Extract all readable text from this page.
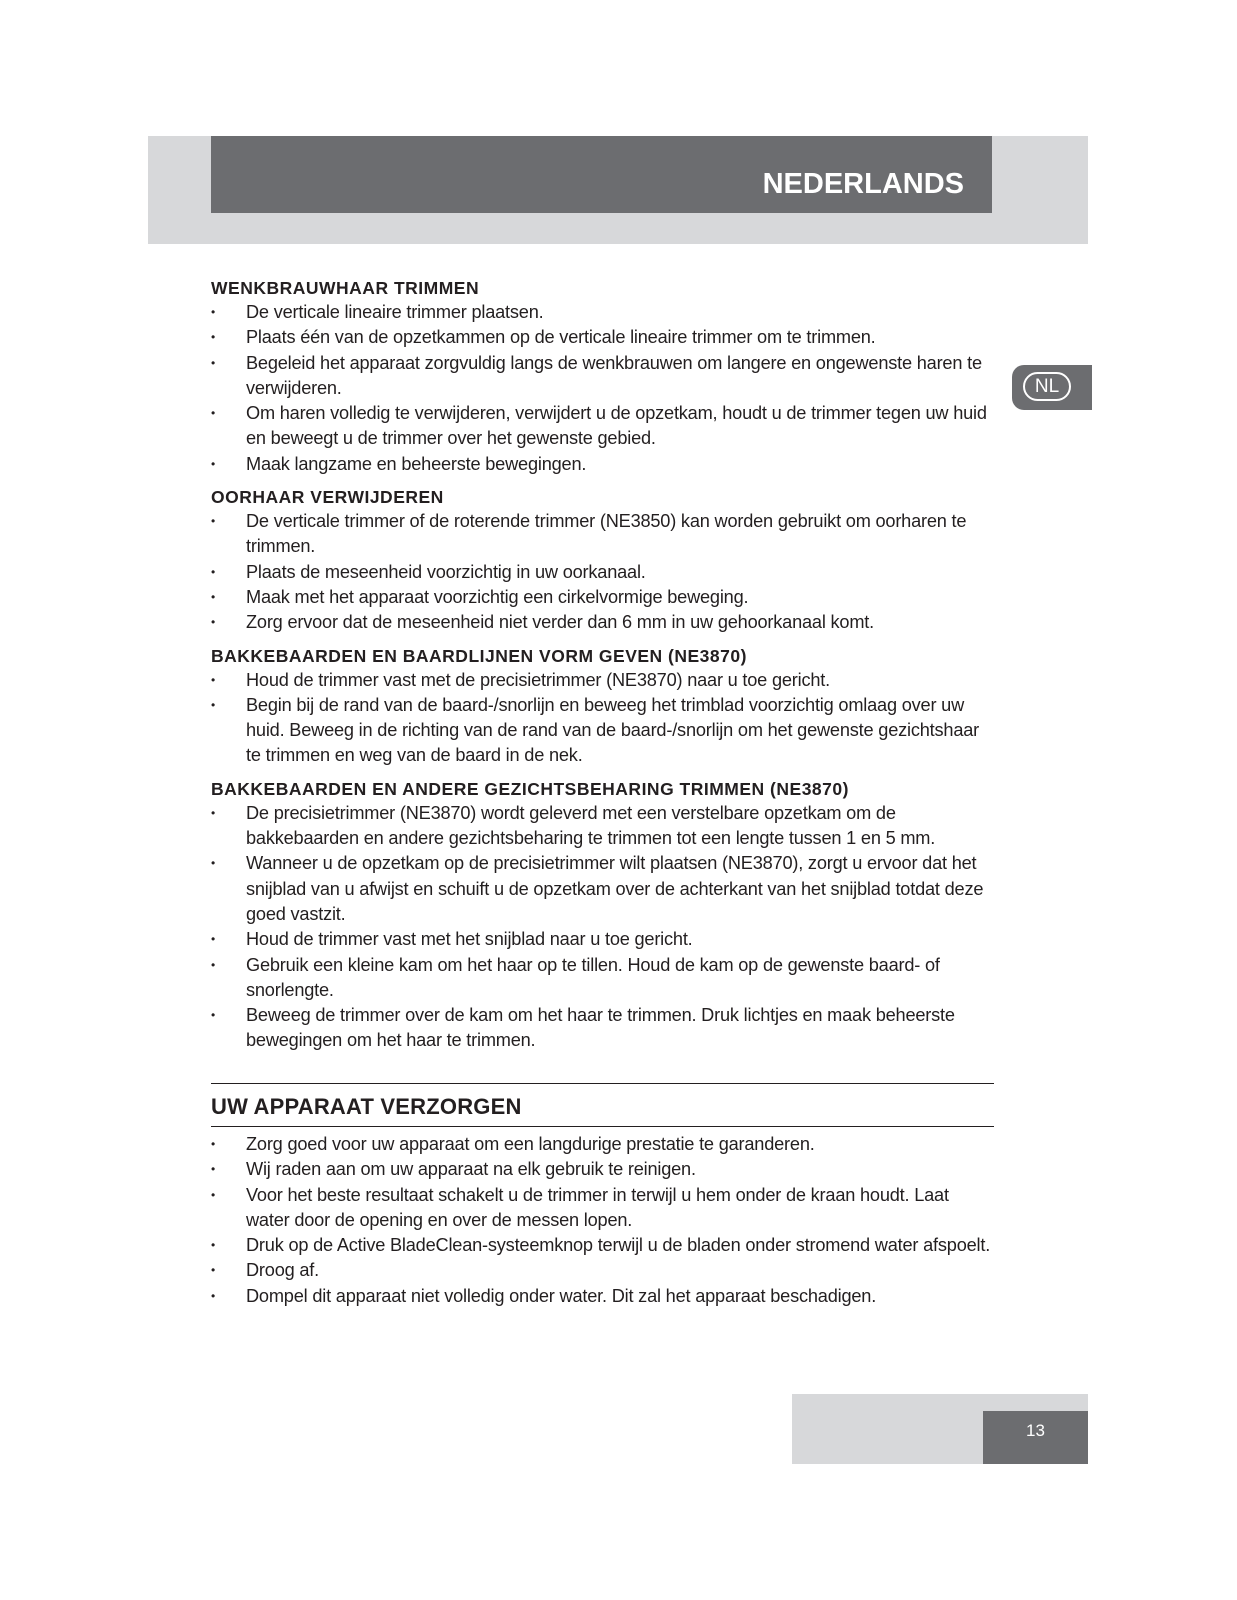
NEDERLANDS
NL
WENKBRAUWHAAR TRIMMEN
• De verticale lineaire trimmer plaatsen.
• Plaats één van de opzetkammen op de verticale lineaire trimmer om te trimmen.
• Begeleid het apparaat zorgvuldig langs de wenkbrauwen om langere en ongewenste haren te verwijderen.
• Om haren volledig te verwijderen, verwijdert u de opzetkam, houdt u de trimmer tegen uw huid en beweegt u de trimmer over het gewenste gebied.
• Maak langzame en beheerste bewegingen.
OORHAAR VERWIJDEREN
• De verticale trimmer of de roterende trimmer (NE3850) kan worden gebruikt om oorharen te trimmen.
• Plaats de meseenheid voorzichtig in uw oorkanaal.
• Maak met het apparaat voorzichtig een cirkelvormige beweging.
• Zorg ervoor dat de meseenheid niet verder dan 6 mm in uw gehoorkanaal komt.
BAKKEBAARDEN EN BAARDLIJNEN VORM GEVEN (NE3870)
• Houd de trimmer vast met de precisietrimmer (NE3870) naar u toe gericht.
• Begin bij de rand van de baard-/snorlijn en beweeg het trimblad voorzichtig omlaag over uw huid. Beweeg in de richting van de rand van de baard-/snorlijn om het gewenste gezichtshaar te trimmen en weg van de baard in de nek.
BAKKEBAARDEN EN ANDERE GEZICHTSBEHARING TRIMMEN (NE3870)
• De precisietrimmer (NE3870) wordt geleverd met een verstelbare opzetkam om de bakkebaarden en andere gezichtsbeharing te trimmen tot een lengte tussen 1 en 5 mm.
• Wanneer u de opzetkam op de precisietrimmer wilt plaatsen (NE3870), zorgt u ervoor dat het snijblad van u afwijst en schuift u de opzetkam over de achterkant van het snijblad totdat deze goed vastzit.
• Houd de trimmer vast met het snijblad naar u toe gericht.
• Gebruik een kleine kam om het haar op te tillen. Houd de kam op de gewenste baard- of snorlengte.
• Beweeg de trimmer over de kam om het haar te trimmen. Druk lichtjes en maak beheerste bewegingen om het haar te trimmen.
UW APPARAAT VERZORGEN
• Zorg goed voor uw apparaat om een langdurige prestatie te garanderen.
• Wij raden aan om uw apparaat na elk gebruik te reinigen.
• Voor het beste resultaat schakelt u de trimmer in terwijl u hem onder de kraan houdt. Laat water door de opening en over de messen lopen.
• Druk op de Active BladeClean-systeemknop terwijl u de bladen onder stromend water afspoelt.
• Droog af.
• Dompel dit apparaat niet volledig onder water. Dit zal het apparaat beschadigen.
13
